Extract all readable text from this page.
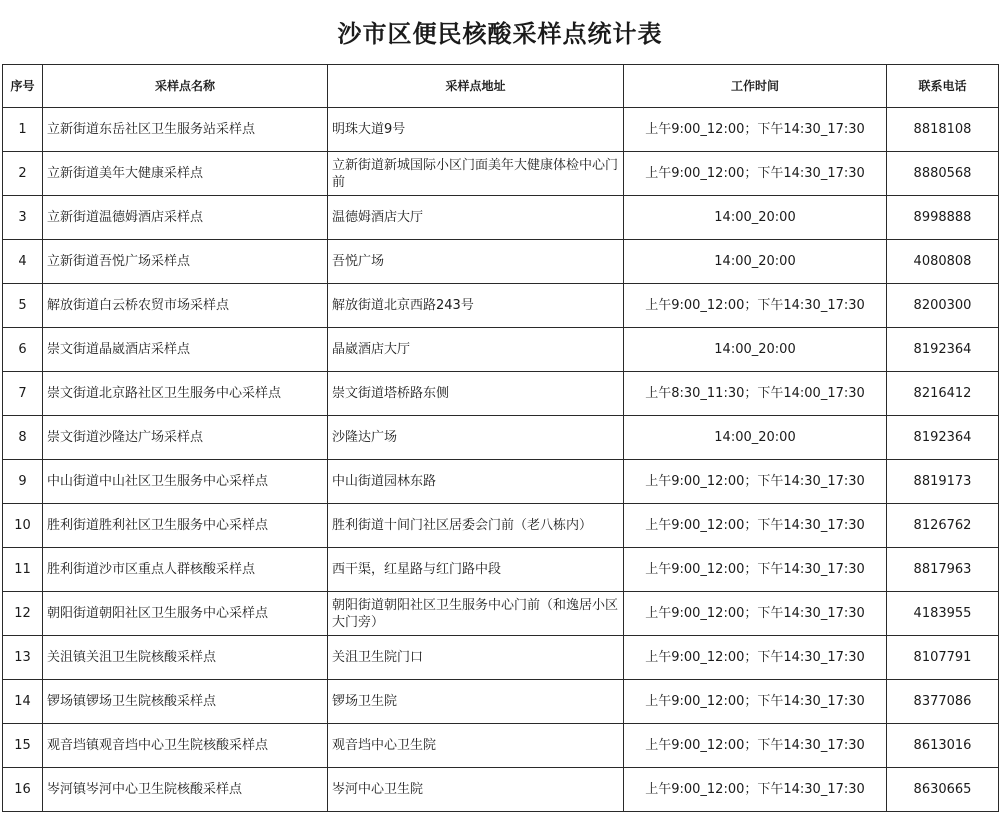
沙市区便民核酸采样点统计表
序号	采样点名称	采样点地址	工作时间	联系电话
1	立新街道东岳社区卫生服务站采样点	明珠大道9号	上午9:00_12:00；下午14:30_17:30	8818108
2	立新街道美年大健康采样点	立新街道新城国际小区门面美年大健康体检中心门前	上午9:00_12:00；下午14:30_17:30	8880568
3	立新街道温德姆酒店采样点	温德姆酒店大厅	14:00_20:00	8998888
4	立新街道吾悦广场采样点	吾悦广场	14:00_20:00	4080808
5	解放街道白云桥农贸市场采样点	解放街道北京西路243号	上午9:00_12:00；下午14:30_17:30	8200300
6	崇文街道晶崴酒店采样点	晶崴酒店大厅	14:00_20:00	8192364
7	崇文街道北京路社区卫生服务中心采样点	崇文街道塔桥路东侧	上午8:30_11:30；下午14:00_17:30	8216412
8	崇文街道沙隆达广场采样点	沙隆达广场	14:00_20:00	8192364
9	中山街道中山社区卫生服务中心采样点	中山街道园林东路	上午9:00_12:00；下午14:30_17:30	8819173
10	胜利街道胜利社区卫生服务中心采样点	胜利街道十间门社区居委会门前（老八栋内）	上午9:00_12:00；下午14:30_17:30	8126762
11	胜利街道沙市区重点人群核酸采样点	西干渠，红星路与红门路中段	上午9:00_12:00；下午14:30_17:30	8817963
12	朝阳街道朝阳社区卫生服务中心采样点	朝阳街道朝阳社区卫生服务中心门前（和逸居小区大门旁）	上午9:00_12:00；下午14:30_17:30	4183955
13	关沮镇关沮卫生院核酸采样点	关沮卫生院门口	上午9:00_12:00；下午14:30_17:30	8107791
14	锣场镇锣场卫生院核酸采样点	锣场卫生院	上午9:00_12:00；下午14:30_17:30	8377086
15	观音垱镇观音垱中心卫生院核酸采样点	观音垱中心卫生院	上午9:00_12:00；下午14:30_17:30	8613016
16	岑河镇岑河中心卫生院核酸采样点	岑河中心卫生院	上午9:00_12:00；下午14:30_17:30	8630665
